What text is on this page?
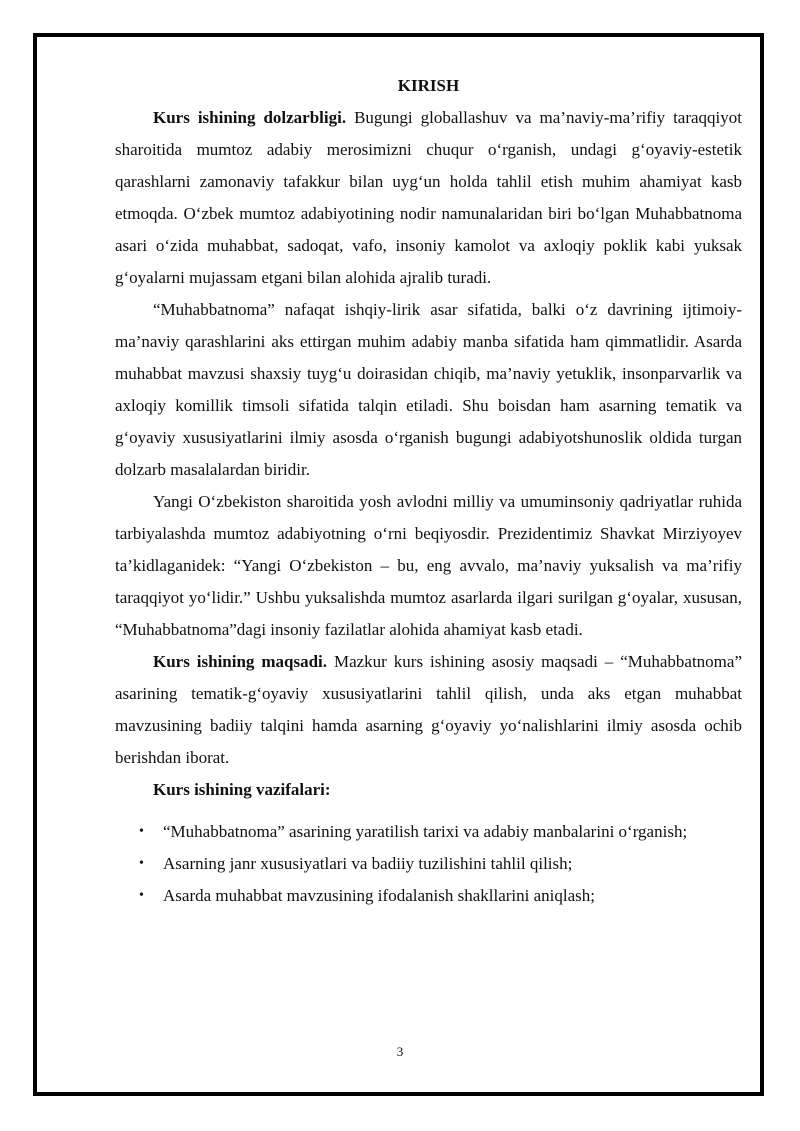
KIRISH

Kurs ishining dolzarbligi. Bugungi globallashuv va ma’naviy-ma’rifiy taraqqiyot sharoitida mumtoz adabiy merosimizni chuqur o‘rganish, undagi g‘oyaviy-estetik qarashlarni zamonaviy tafakkur bilan uyg‘un holda tahlil etish muhim ahamiyat kasb etmoqda. O‘zbek mumtoz adabiyotining nodir namunalaridan biri bo‘lgan Muhabbatnoma asari o‘zida muhabbat, sadoqat, vafo, insoniy kamolot va axloqiy poklik kabi yuksak g‘oyalarni mujassam etgani bilan alohida ajralib turadi.

“Muhabbatnoma” nafaqat ishqiy-lirik asar sifatida, balki o‘z davrining ijtimoiy-ma’naviy qarashlarini aks ettirgan muhim adabiy manba sifatida ham qimmatlidir. Asarda muhabbat mavzusi shaxsiy tuyg‘u doirasidan chiqib, ma’naviy yetuklik, insonparvarlik va axloqiy komillik timsoli sifatida talqin etiladi. Shu boisdan ham asarning tematik va g‘oyaviy xususiyatlarini ilmiy asosda o‘rganish bugungi adabiyotshunoslik oldida turgan dolzarb masalalardan biridir.

Yangi O‘zbekiston sharoitida yosh avlodni milliy va umuminsoniy qadriyatlar ruhida tarbiyalashda mumtoz adabiyotning o‘rni beqiyosdir. Prezidentimiz Shavkat Mirziyoyev ta’kidlaganidek: “Yangi O‘zbekiston – bu, eng avvalo, ma’naviy yuksalish va ma’rifiy taraqqiyot yo‘lidir.” Ushbu yuksalishda mumtoz asarlarda ilgari surilgan g‘oyalar, xususan, “Muhabbatnoma”dagi insoniy fazilatlar alohida ahamiyat kasb etadi.

Kurs ishining maqsadi. Mazkur kurs ishining asosiy maqsadi – “Muhabbatnoma” asarining tematik-g‘oyaviy xususiyatlarini tahlil qilish, unda aks etgan muhabbat mavzusining badiiy talqini hamda asarning g‘oyaviy yo‘nalishlarini ilmiy asosda ochib berishdan iborat.

Kurs ishining vazifalari:

• “Muhabbatnoma” asarining yaratilish tarixi va adabiy manbalarini o‘rganish;
• Asarning janr xususiyatlari va badiiy tuzilishini tahlil qilish;
• Asarda muhabbat mavzusining ifodalanish shakllarini aniqlash;
3
